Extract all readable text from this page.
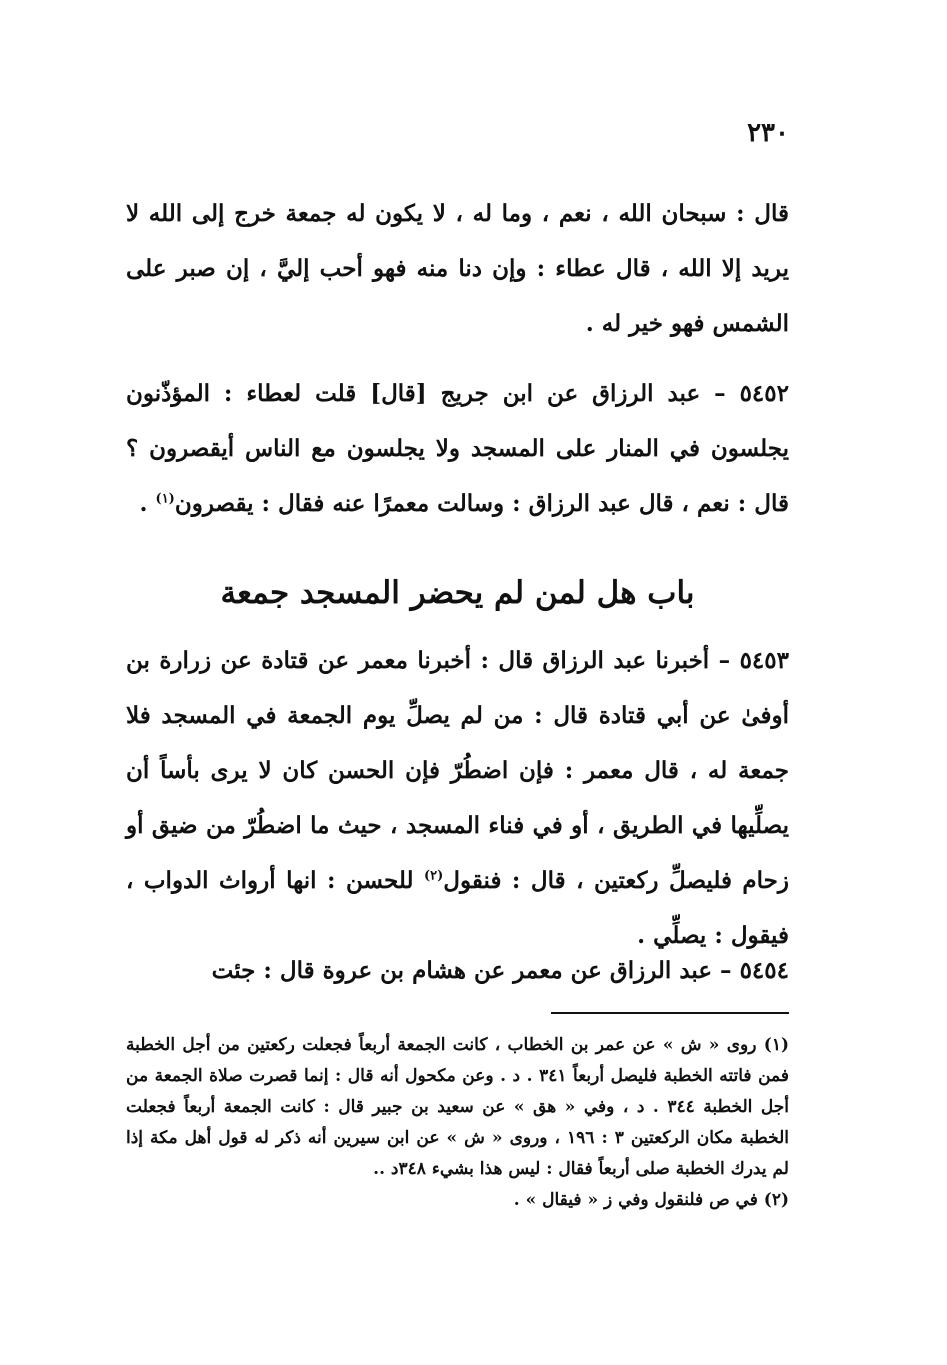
٢٣٠
قال : سبحان الله ، نعم ، وما له ، لا يكون له جمعة خرج إلى الله لا يريد إلا الله ، قال عطاء : وإن دنا منه فهو أحب إليَّ ، إن صبر على الشمس فهو خير له .
٥٤٥٢ – عبد الرزاق عن ابن جريج [قال] قلت لعطاء : المؤذّنون يجلسون في المنار على المسجد ولا يجلسون مع الناس أيقصرون ؟ قال : نعم ، قال عبد الرزاق : وسالت معمرًا عنه فقال : يقصرون$^{(١)}$ .
باب هل لمن لم يحضر المسجد جمعة
٥٤٥٣ – أخبرنا عبد الرزاق قال : أخبرنا معمر عن قتادة عن زرارة بن أوفىٰ عن أبي قتادة قال : من لم يصلِّ يوم الجمعة في المسجد فلا جمعة له ، قال معمر : فإن اضطُرّ فإن الحسن كان لا يرى بأساً أن يصلِّيها في الطريق ، أو في فناء المسجد ، حيث ما اضطُرّ من ضيق أو زحام فليصلِّ ركعتين ، قال : فنقول$^{(٢)}$ للحسن : انها أرواث الدواب ، فيقول : يصلِّي .
٥٤٥٤ – عبد الرزاق عن معمر عن هشام بن عروة قال : جئت
(١) روى « ش » عن عمر بن الخطاب ، كانت الجمعة أربعاً فجعلت ركعتين من أجل الخطبة فمن فاتته الخطبة فليصل أربعاً ٣٤١ . د . وعن مكحول أنه قال : إنما قصرت صلاة الجمعة من أجل الخطبة ٣٤٤ . د ، وفي « هق » عن سعيد بن جبير قال : كانت الجمعة أربعاً فجعلت الخطبة مكان الركعتين ٣ : ١٩٦ ، وروى « ش » عن ابن سيرين أنه ذكر له قول أهل مكة إذا لم يدرك الخطبة صلى أربعاً فقال : ليس هذا بشيء ٣٤٨د ..
(٢) في ص فلنقول وفي ز « فيقال » .
